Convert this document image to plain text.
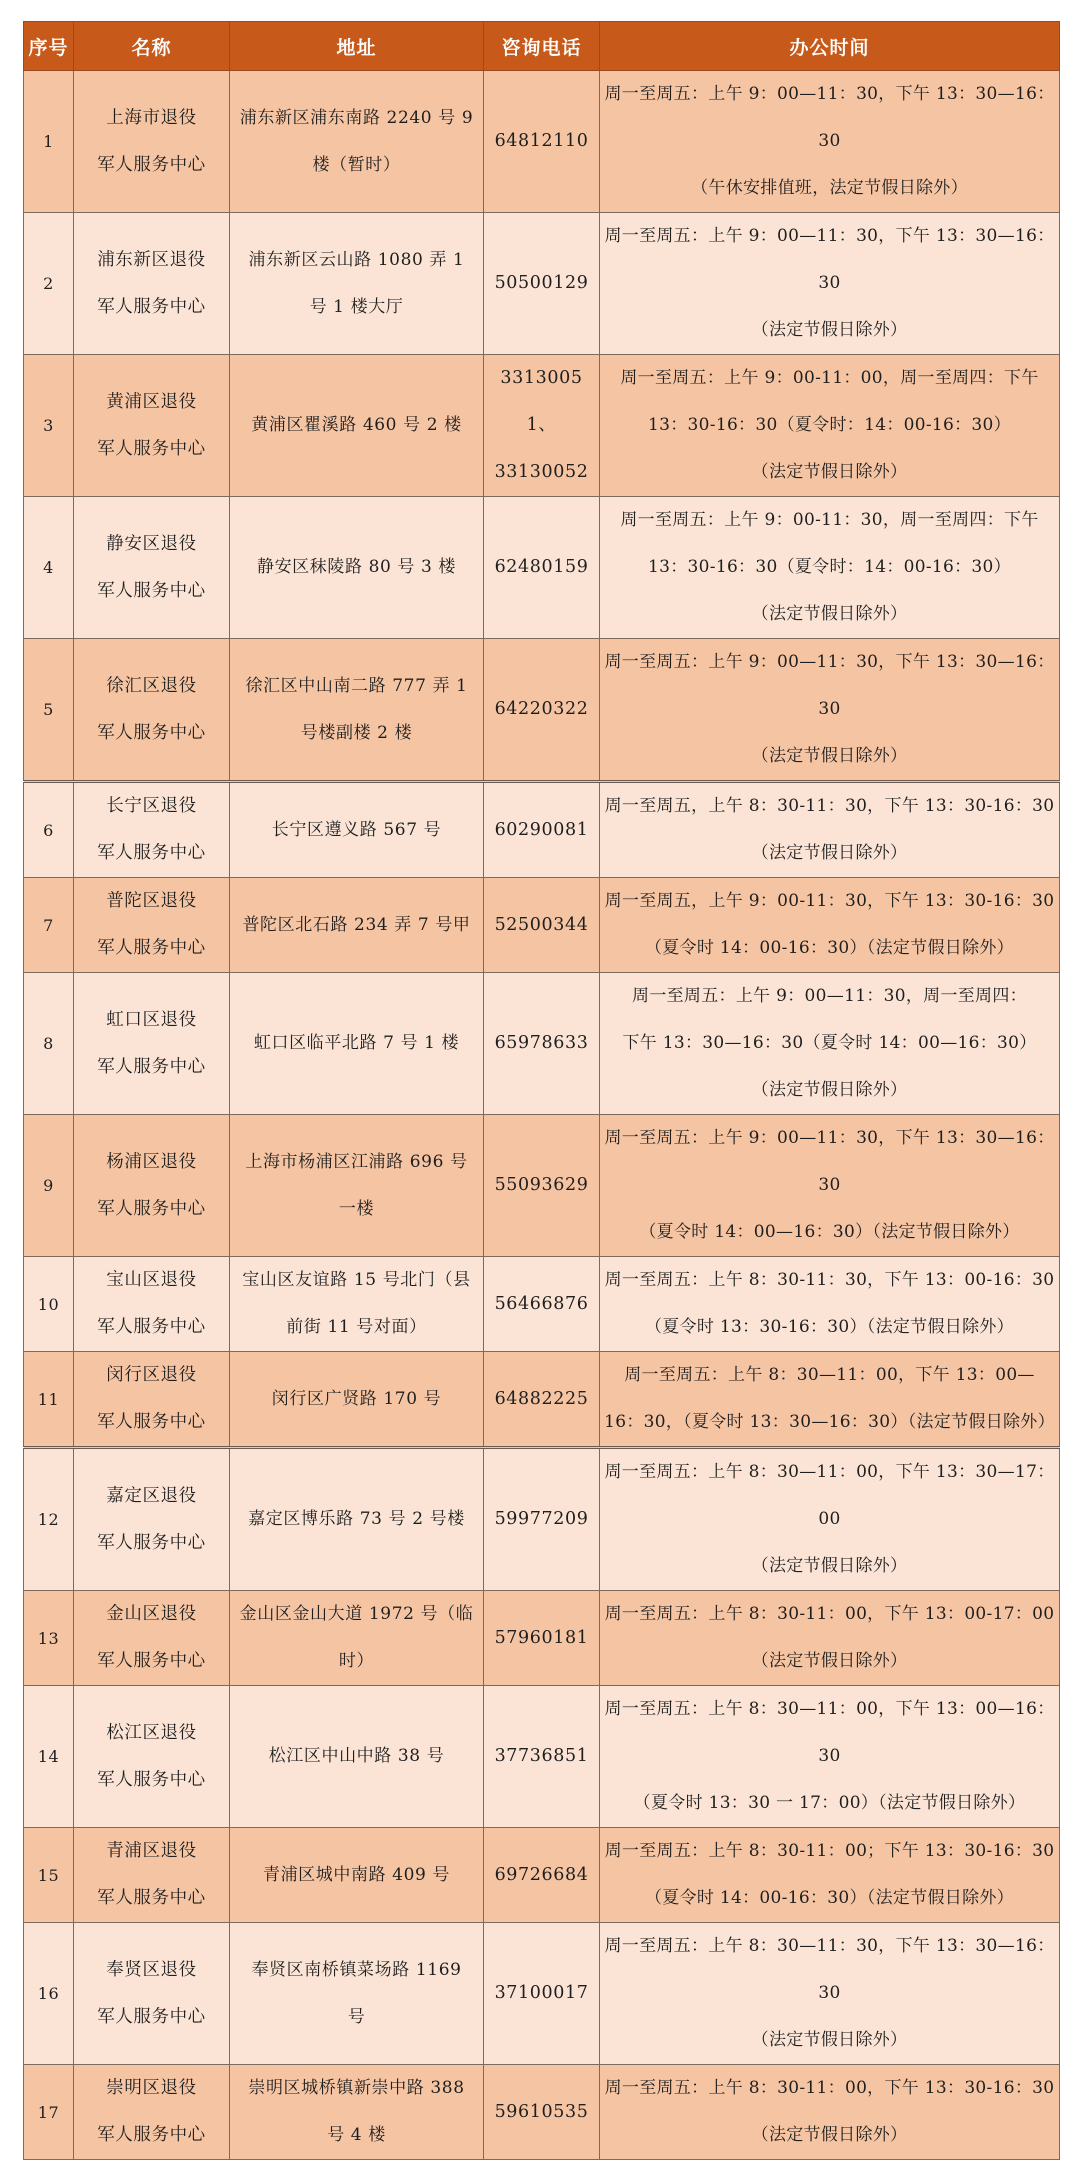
序号	名称	地址	咨询电话	办公时间
1	上海市退役
军人服务中心	浦东新区浦东南路 2240 号 9
楼（暂时）	64812110	周一至周五：上午 9：00—11：30，下午 13：30—16：30
（午休安排值班，法定节假日除外）
2	浦东新区退役
军人服务中心	浦东新区云山路 1080 弄 1
号 1 楼大厅	50500129	周一至周五：上午 9：00—11：30，下午 13：30—16：30
（法定节假日除外）
3	黄浦区退役
军人服务中心	黄浦区瞿溪路 460 号 2 楼	33130051、
33130052	周一至周五：上午 9：00-11：00，周一至周四：下午
13：30-16：30（夏令时：14：00-16：30）
（法定节假日除外）
4	静安区退役
军人服务中心	静安区秣陵路 80 号 3 楼	62480159	周一至周五：上午 9：00-11：30，周一至周四：下午
13：30-16：30（夏令时：14：00-16：30）
（法定节假日除外）
5	徐汇区退役
军人服务中心	徐汇区中山南二路 777 弄 1
号楼副楼 2 楼	64220322	周一至周五：上午 9：00—11：30，下午 13：30—16：30
（法定节假日除外）
6	长宁区退役
军人服务中心	长宁区遵义路 567 号	60290081	周一至周五，上午 8：30-11：30，下午 13：30-16：30
（法定节假日除外）
7	普陀区退役
军人服务中心	普陀区北石路 234 弄 7 号甲	52500344	周一至周五，上午 9：00-11：30，下午 13：30-16：30
（夏令时 14：00-16：30）（法定节假日除外）
8	虹口区退役
军人服务中心	虹口区临平北路 7 号 1 楼	65978633	周一至周五：上午 9：00—11：30，周一至周四：
下午 13：30—16：30（夏令时 14：00—16：30）
（法定节假日除外）
9	杨浦区退役
军人服务中心	上海市杨浦区江浦路 696 号
一楼	55093629	周一至周五：上午 9：00—11：30，下午 13：30—16：30
（夏令时 14：00—16：30）（法定节假日除外）
10	宝山区退役
军人服务中心	宝山区友谊路 15 号北门（县
前街 11 号对面）	56466876	周一至周五：上午 8：30-11：30，下午 13：00-16：30
（夏令时 13：30-16：30）（法定节假日除外）
11	闵行区退役
军人服务中心	闵行区广贤路 170 号	64882225	周一至周五：上午 8：30—11：00，下午 13：00—
16：30，（夏令时 13：30—16：30）（法定节假日除外）
12	嘉定区退役
军人服务中心	嘉定区博乐路 73 号 2 号楼	59977209	周一至周五：上午 8：30—11：00，下午 13：30—17：00
（法定节假日除外）
13	金山区退役
军人服务中心	金山区金山大道 1972 号（临
时）	57960181	周一至周五：上午 8：30-11：00，下午 13：00-17：00
（法定节假日除外）
14	松江区退役
军人服务中心	松江区中山中路 38 号	37736851	周一至周五：上午 8：30—11：00，下午 13：00—16：30
（夏令时 13：30 一 17：00）（法定节假日除外）
15	青浦区退役
军人服务中心	青浦区城中南路 409 号	69726684	周一至周五：上午 8：30-11：00；下午 13：30-16：30
（夏令时 14：00-16：30）（法定节假日除外）
16	奉贤区退役
军人服务中心	奉贤区南桥镇菜场路 1169
号	37100017	周一至周五：上午 8：30—11：30，下午 13：30—16：30
（法定节假日除外）
17	崇明区退役
军人服务中心	崇明区城桥镇新崇中路 388
号 4 楼	59610535	周一至周五：上午 8：30-11：00，下午 13：30-16：30
（法定节假日除外）
